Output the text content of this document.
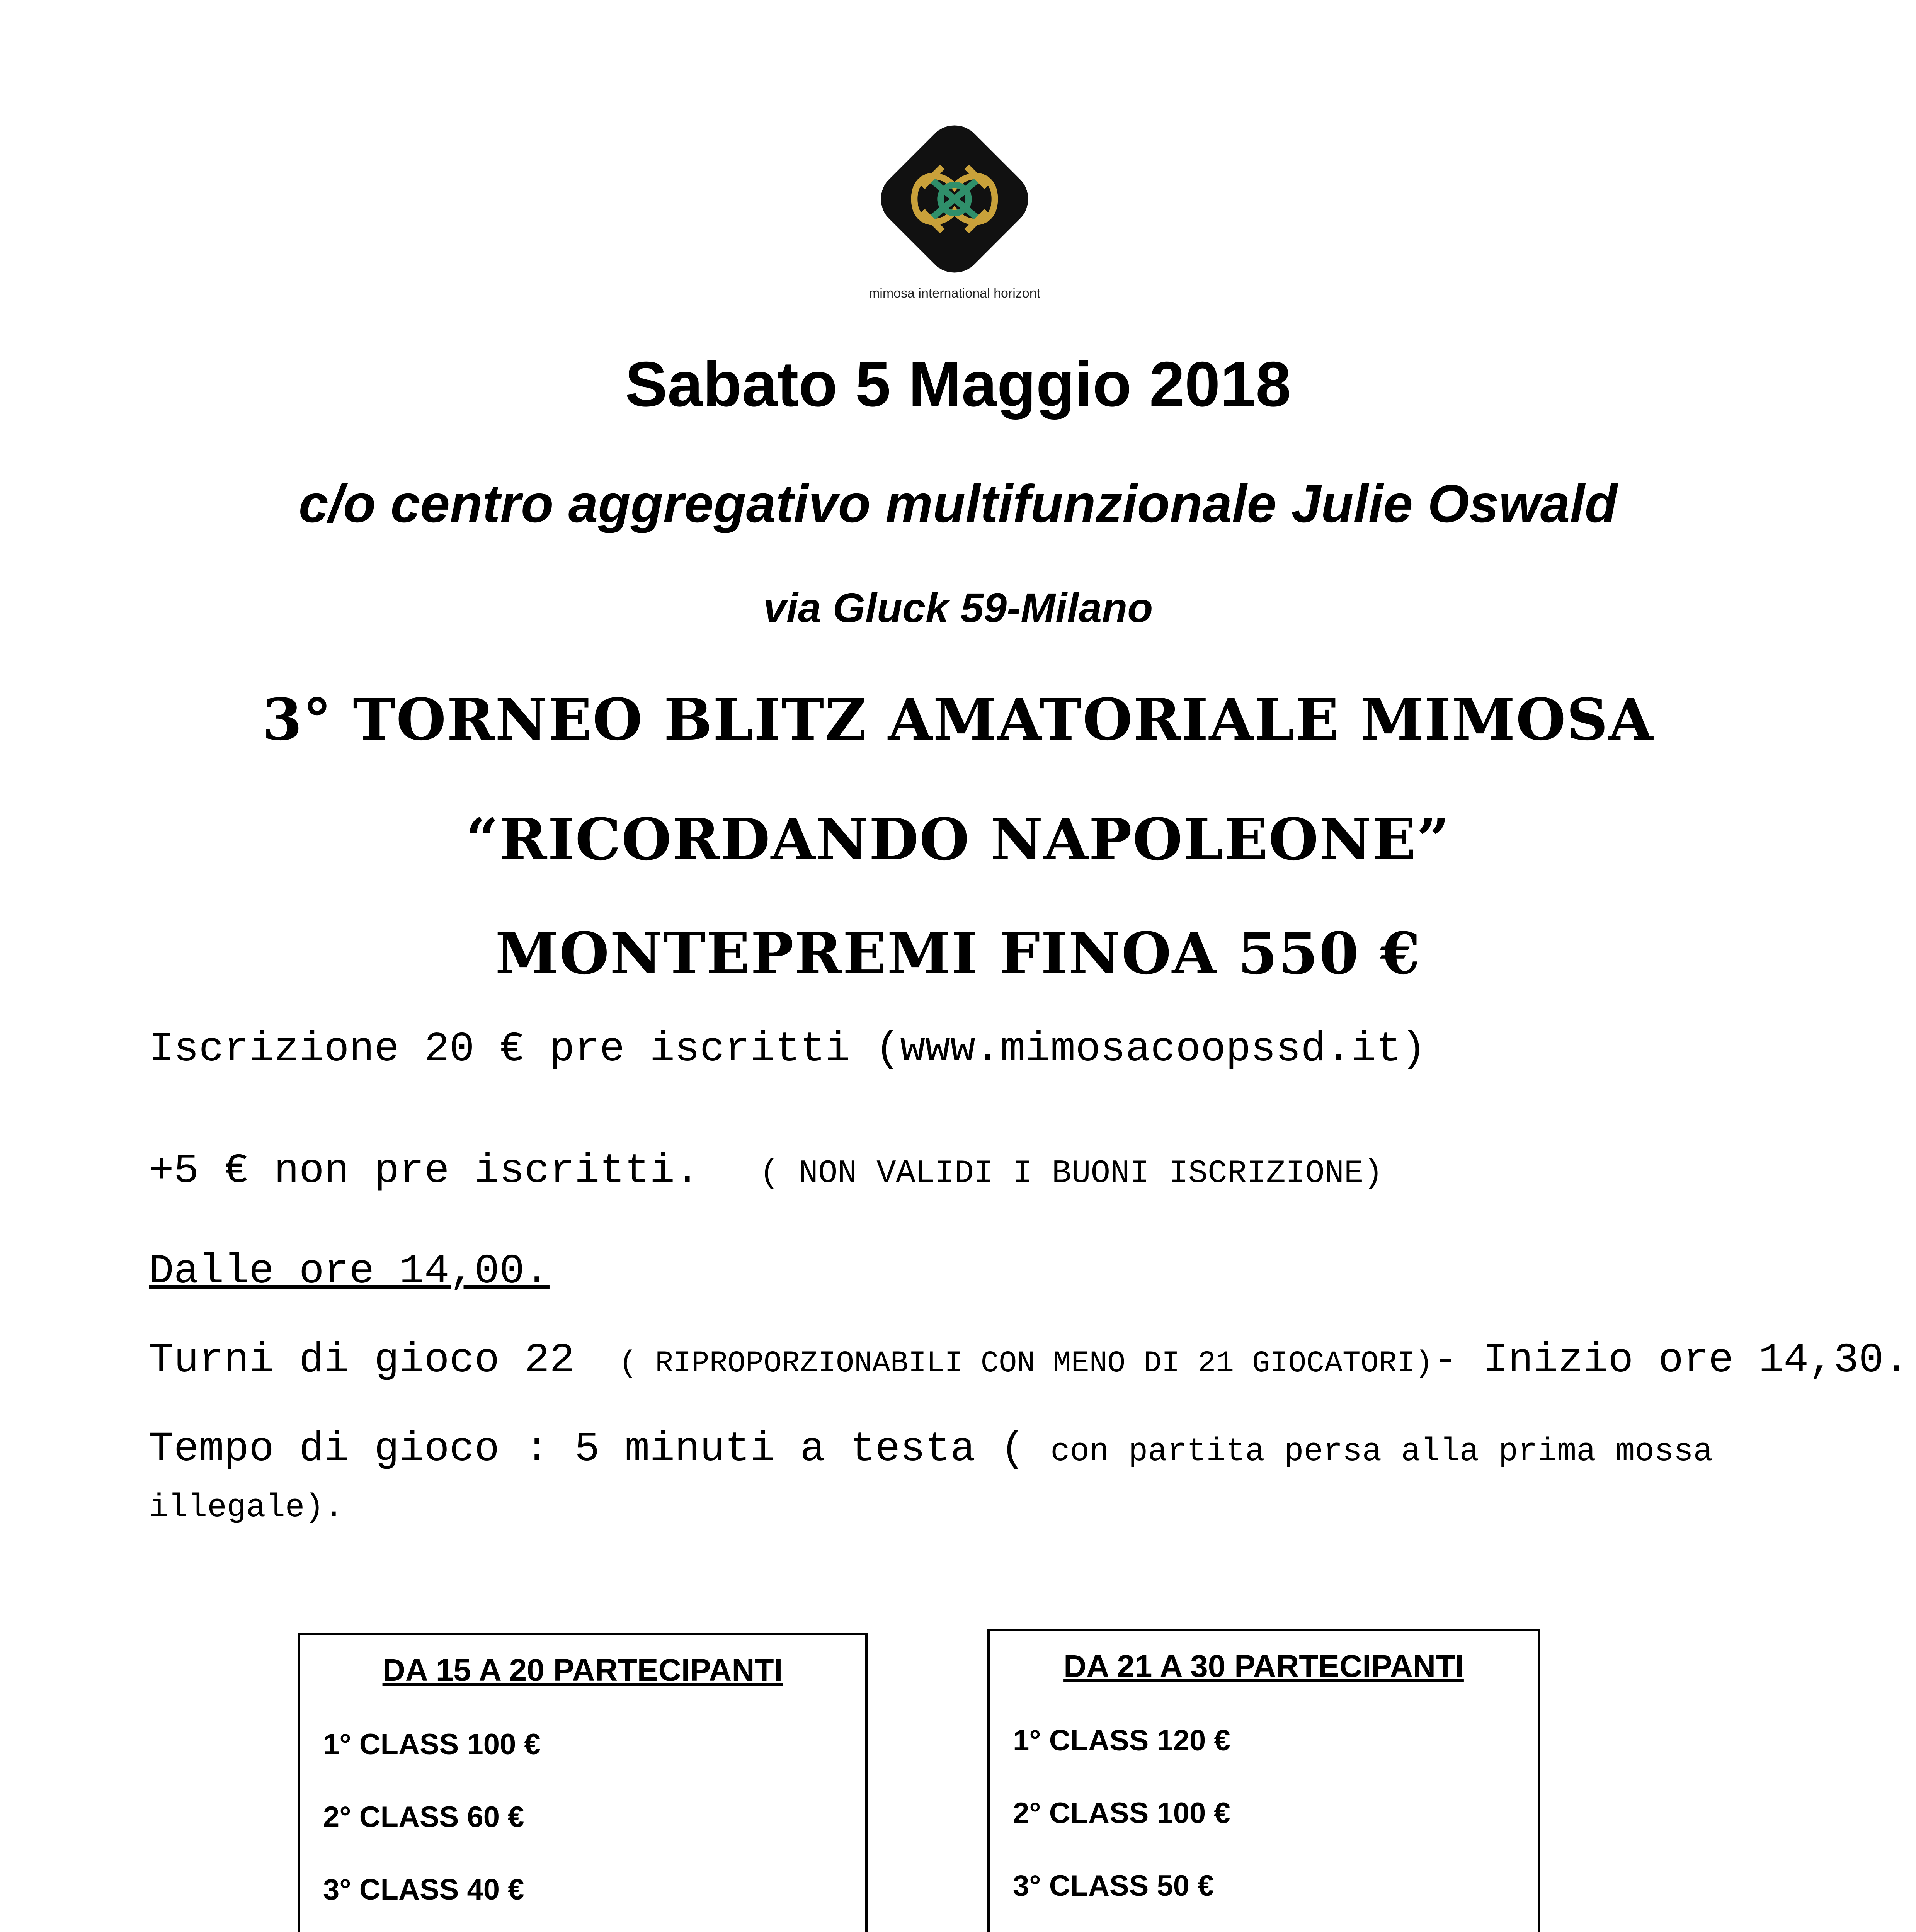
mimosa international horizont
Sabato 5 Maggio 2018
c/o centro aggregativo multifunzionale Julie Oswald
via Gluck 59-Milano
3° TORNEO BLITZ AMATORIALE MIMOSA
“RICORDANDO NAPOLEONE”
MONTEPREMI FINOA 550 €
Iscrizione 20 € pre iscritti (www.mimosacoopssd.it)
+5 € non pre iscritti. ( NON VALIDI I BUONI ISCRIZIONE)
Dalle ore 14,00.
Turni di gioco 22 ( RIPROPORZIONABILI CON MENO DI 21 GIOCATORI)- Inizio ore 14,30.
Tempo di gioco : 5 minuti a testa ( con partita persa alla prima mossa
illegale).
DA 15 A 20 PARTECIPANTI
1° CLASS 100 €
2° CLASS 60 €
3° CLASS 40 €
DA 21 A 30 PARTECIPANTI
1° CLASS 120 €
2° CLASS 100 €
3° CLASS 50 €
